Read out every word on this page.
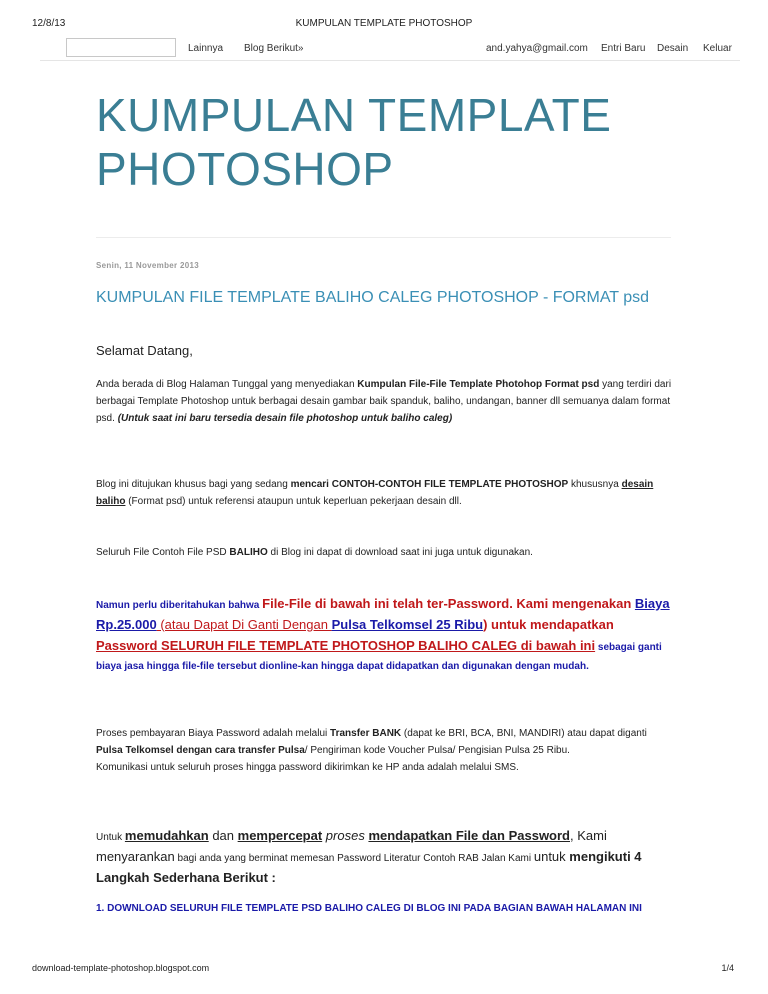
12/8/13	KUMPULAN TEMPLATE PHOTOSHOP
Lainnya Blog Berikut»	and.yahya@gmail.com Entri Baru Desain Keluar
KUMPULAN TEMPLATE
PHOTOSHOP
Senin, 11 November 2013
KUMPULAN FILE TEMPLATE BALIHO CALEG PHOTOSHOP - FORMAT psd

Selamat Datang,

Anda berada di Blog Halaman Tunggal yang menyediakan Kumpulan File-File Template Photohop Format psd yang terdiri dari berbagai Template Photoshop untuk berbagai desain gambar baik spanduk, baliho, undangan, banner dll semuanya dalam format psd. (Untuk saat ini baru tersedia desain file photoshop untuk baliho caleg)

Blog ini ditujukan khusus bagi yang sedang mencari CONTOH-CONTOH FILE TEMPLATE PHOTOSHOP khususnya desain baliho (Format psd) untuk referensi ataupun untuk keperluan pekerjaan desain dll.

Seluruh File Contoh File PSD BALIHO di Blog ini dapat di download saat ini juga untuk digunakan.

Namun perlu diberitahukan bahwa File-File di bawah ini telah ter-Password. Kami mengenakan Biaya Rp.25.000 (atau Dapat Di Ganti Dengan Pulsa Telkomsel 25 Ribu) untuk mendapatkan Password SELURUH FILE TEMPLATE PHOTOSHOP BALIHO CALEG di bawah ini sebagai ganti biaya jasa hingga file-file tersebut dionline-kan hingga dapat didapatkan dan digunakan dengan mudah.

Proses pembayaran Biaya Password adalah melalui Transfer BANK (dapat ke BRI, BCA, BNI, MANDIRI) atau dapat diganti Pulsa Telkomsel dengan cara transfer Pulsa/ Pengiriman kode Voucher Pulsa/ Pengisian Pulsa 25 Ribu.
Komunikasi untuk seluruh proses hingga password dikirimkan ke HP anda adalah melalui SMS.

Untuk memudahkan dan mempercepat proses mendapatkan File dan Password, Kami menyarankan bagi anda yang berminat memesan Password Literatur Contoh RAB Jalan Kami untuk mengikuti 4 Langkah Sederhana Berikut :

1. DOWNLOAD SELURUH FILE TEMPLATE PSD BALIHO CALEG DI BLOG INI PADA BAGIAN BAWAH HALAMAN INI

download-template-photoshop.blogspot.com	1/4
